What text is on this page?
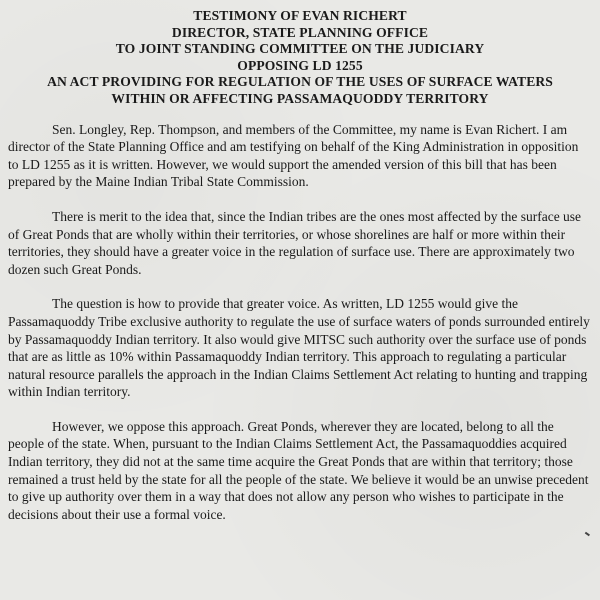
TESTIMONY OF EVAN RICHERT
DIRECTOR, STATE PLANNING OFFICE
TO JOINT STANDING COMMITTEE ON THE JUDICIARY
OPPOSING LD 1255
AN ACT PROVIDING FOR REGULATION OF THE USES OF SURFACE WATERS
WITHIN OR AFFECTING PASSAMAQUODDY TERRITORY

Sen. Longley, Rep. Thompson, and members of the Committee, my name is Evan Richert. I am director of the State Planning Office and am testifying on behalf of the King Administration in opposition to LD 1255 as it is written. However, we would support the amended version of this bill that has been prepared by the Maine Indian Tribal State Commission.

There is merit to the idea that, since the Indian tribes are the ones most affected by the surface use of Great Ponds that are wholly within their territories, or whose shorelines are half or more within their territories, they should have a greater voice in the regulation of surface use. There are approximately two dozen such Great Ponds.

The question is how to provide that greater voice. As written, LD 1255 would give the Passamaquoddy Tribe exclusive authority to regulate the use of surface waters of ponds surrounded entirely by Passamaquoddy Indian territory. It also would give MITSC such authority over the surface use of ponds that are as little as 10% within Passamaquoddy Indian territory. This approach to regulating a particular natural resource parallels the approach in the Indian Claims Settlement Act relating to hunting and trapping within Indian territory.

However, we oppose this approach. Great Ponds, wherever they are located, belong to all the people of the state. When, pursuant to the Indian Claims Settlement Act, the Passamaquoddies acquired Indian territory, they did not at the same time acquire the Great Ponds that are within that territory; those remained a trust held by the state for all the people of the state. We believe it would be an unwise precedent to give up authority over them in a way that does not allow any person who wishes to participate in the decisions about their use a formal voice.
